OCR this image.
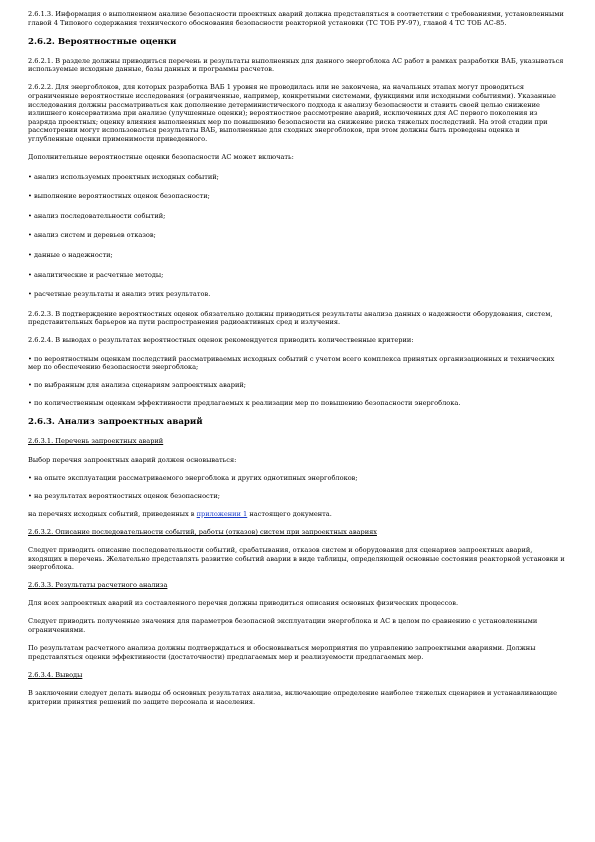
2.6.1.3. Информация о выполненном анализе безопасности проектных аварий должна представляться в соответствии с требованиями, установленными главой 4 Типового содержания технического обоснования безопасности реакторной установки (ТС ТОБ РУ-97), главой 4 ТС ТОБ АС-85.

2.6.2. Вероятностные оценки

2.6.2.1. В разделе должны приводиться перечень и результаты выполненных для данного энергоблока АС работ в рамках разработки ВАБ, указываться используемые исходные данные, базы данных и программы расчетов.

2.6.2.2. Для энергоблоков, для которых разработка ВАБ 1 уровня не проводилась или не закончена, на начальных этапах могут проводиться ограниченные вероятностные исследования (ограниченные, например, конкретными системами, функциями или исходными событиями). Указанные исследования должны рассматриваться как дополнение детерминистического подхода к анализу безопасности и ставить своей целью снижение излишнего консерватизма при анализе (улучшенные оценки); вероятностное рассмотрение аварий, исключенных для АС первого поколения из разряда проектных; оценку влияния выполненных мер по повышению безопасности на снижение риска тяжелых последствий. На этой стадии при рассмотрении могут использоваться результаты ВАБ, выполненные для сходных энергоблоков, при этом должны быть проведены оценка и углубленные оценки применимости приведенного.

Дополнительные вероятностные оценки безопасности АС может включать:

• анализ используемых проектных исходных событий;

• выполнение вероятностных оценок безопасности;

• анализ последовательности событий;

• анализ систем и деревьев отказов;

• данные о надежности;

• аналитические и расчетные методы;

• расчетные результаты и анализ этих результатов.

2.6.2.3. В подтверждение вероятностных оценок обязательно должны приводиться результаты анализа данных о надежности оборудования, систем, представительных барьеров на пути распространения радиоактивных сред и излучения.

2.6.2.4. В выводах о результатах вероятностных оценок рекомендуется приводить количественные критерии:

• по вероятностным оценкам последствий рассматриваемых исходных событий с учетом всего комплекса принятых организационных и технических мер по обеспечению безопасности энергоблока;

• по выбранным для анализа сценариям запроектных аварий;

• по количественным оценкам эффективности предлагаемых к реализации мер по повышению безопасности энергоблока.

2.6.3. Анализ запроектных аварий

2.6.3.1. Перечень запроектных аварий

Выбор перечня запроектных аварий должен основываться:

• на опыте эксплуатации рассматриваемого энергоблока и других однотипных энергоблоков;

• на результатах вероятностных оценок безопасности;

на перечнях исходных событий, приведенных в приложении 1 настоящего документа.

2.6.3.2. Описание последовательности событий, работы (отказов) систем при запроектных авариях

Следует приводить описание последовательности событий, срабатывания, отказов систем и оборудования для сценариев запроектных аварий, входящих в перечень. Желательно представлять развитие событий аварии в виде таблицы, определяющей основные состояния реакторной установки и энергоблока.

2.6.3.3. Результаты расчетного анализа

Для всех запроектных аварий из составленного перечня должны приводиться описания основных физических процессов.

Следует приводить полученные значения для параметров безопасной эксплуатации энергоблока и АС в целом по сравнению с установленными ограничениями.

По результатам расчетного анализа должны подтверждаться и обосновываться мероприятия по управлению запроектными авариями. Должны представляться оценки эффективности (достаточности) предлагаемых мер и реализуемости предлагаемых мер.

2.6.3.4. Выводы

В заключении следует делать выводы об основных результатах анализа, включающие определение наиболее тяжелых сценариев и устанавливающие критерии принятия решений по защите персонала и населения.
